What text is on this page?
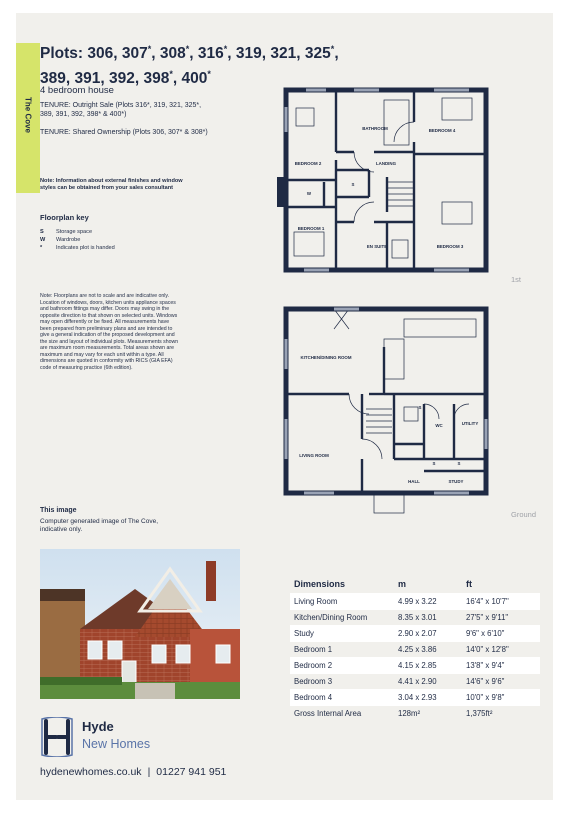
The Cove
Plots: 306, 307*, 308*, 316*, 319, 321, 325*, 389, 391, 392, 398*, 400*
4 bedroom house
TENURE: Outright Sale (Plots 316*, 319, 321, 325*, 389, 391, 392, 398* & 400*)
TENURE: Shared Ownership (Plots 306, 307* & 308*)
Note: Information about external finishes and window styles can be obtained from your sales consultant
Floorplan key
S	Storage space
W	Wardrobe
*	Indicates plot is handed
Note: Floorplans are not to scale and are indicative only. Location of windows, doors, kitchen units appliance spaces and bathroom fittings may differ. Doors may swing in the opposite direction to that shown on selected units. Windows may open differently or be fixed. All measurements have been prepared from preliminary plans and are intended to give a general indication of the proposed development and the size and layout of individual plots. Measurements shown are maximum room measurements. Total areas shown are maximum and may vary for each unit within a type. All dimensions are quoted in conformity with RICS (GIA EFA) code of measuring practice (6th edition).
BEDROOM 2
BATHROOM	BEDROOM 4
LANDING
S
W
BEDROOM 1
EN SUITE	BEDROOM 3
1st
KITCHEN/DINING ROOM
LIVING ROOM
S
WC	UTILITY
S	S
HALL	STUDY
Ground
This image
Computer generated image of The Cove, indicative only.
Dimensions	m	ft
Living Room	4.99 x 3.22	16'4" x 10'7"
Kitchen/Dining Room	8.35 x 3.01	27'5" x 9'11"
Study	2.90 x 2.07	9'6" x 6'10"
Bedroom 1	4.25 x 3.86	14'0" x 12'8"
Bedroom 2	4.15 x 2.85	13'8" x 9'4"
Bedroom 3	4.41 x 2.90	14'6" x 9'6"
Bedroom 4	3.04 x 2.93	10'0" x 9'8"
Gross Internal Area	128m²	1,375ft²
Hyde
New Homes
hydenewhomes.co.uk | 01227 941 951
